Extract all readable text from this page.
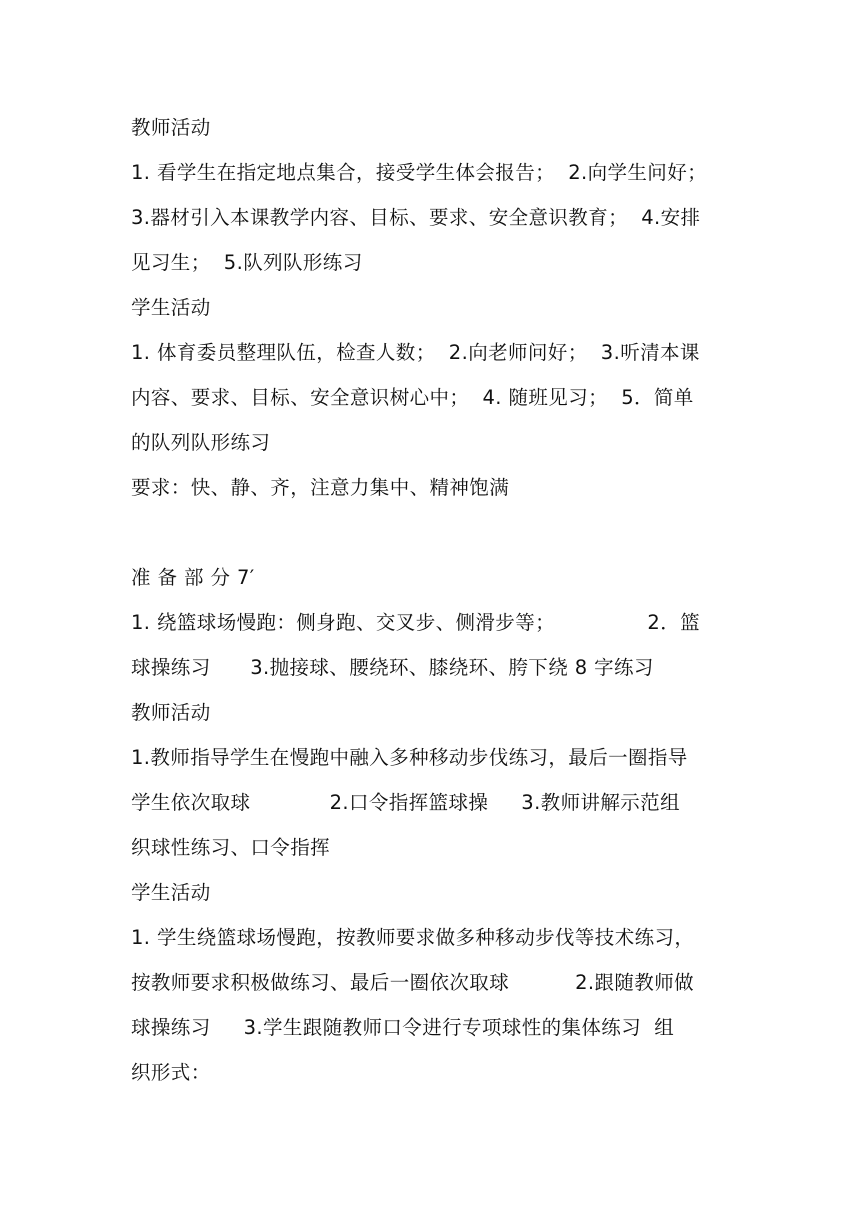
教师活动
1. 看学生在指定地点集合，接受学生体会报告；  2.向学生问好；
3.器材引入本课教学内容、目标、要求、安全意识教育；  4.安排
见习生；  5.队列队形练习
学生活动
1. 体育委员整理队伍，检查人数；  2.向老师问好；  3.听清本课
内容、要求、目标、安全意识树心中；  4. 随班见习；  5．简单
的队列队形练习
要求：快、静、齐，注意力集中、精神饱满
准 备 部 分 7′
1. 绕篮球场慢跑：侧身跑、交叉步、侧滑步等；              2．篮
球操练习      3.抛接球、腰绕环、膝绕环、胯下绕 8 字练习
教师活动
1.教师指导学生在慢跑中融入多种移动步伐练习，最后一圈指导
学生依次取球            2.口令指挥篮球操     3.教师讲解示范组
织球性练习、口令指挥
学生活动
1. 学生绕篮球场慢跑，按教师要求做多种移动步伐等技术练习，
按教师要求积极做练习、最后一圈依次取球          2.跟随教师做
球操练习     3.学生跟随教师口令进行专项球性的集体练习  组
织形式：
